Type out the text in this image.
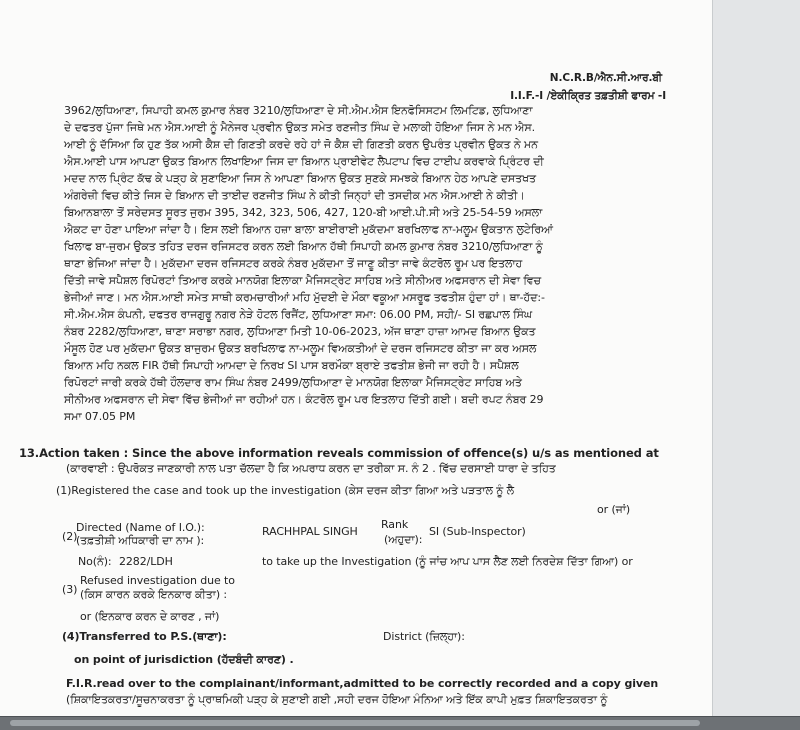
N.C.R.B/ਐਨ.ਸੀ.ਆਰ.ਬੀ
I.I.F.-I /ਏਕੀਕ੍ਰਿਤ ਤਫ਼ਤੀਸ਼ੀ ਫਾਰਮ -I
3962/ਲੁਧਿਆਣਾ, ਸਿਪਾਹੀ ਕਮਲ ਕੁਮਾਰ ਨੰਬਰ 3210/ਲੁਧਿਆਣਾ ਦੇ ਸੀ.ਐਮ.ਐਸ ਇਨਫੋਸਿਸਟਮ ਲਿਮਟਿਡ, ਲੁਧਿਆਣਾ
ਦੇ ਦਫਤਰ ਪੁੱਜਾ ਜਿਥੇ ਮਨ ਐਸ.ਆਈ ਨੂੰ ਮੈਨੇਜਰ ਪ੍ਰਵੀਨ ਉਕਤ ਸਮੇਤ ਰਣਜੀਤ ਸਿੰਘ ਦੇ ਮਲਾਕੀ ਹੋਇਆ ਜਿਸ ਨੇ ਮਨ ਐਸ.
ਆਈ ਨੂੰ ਦੱਸਿਆ ਕਿ ਹੁਣ ਤੱਕ ਅਸੀ ਕੈਸ਼ ਦੀ ਗਿਣਤੀ ਕਰਦੇ ਰਹੇ ਹਾਂ ਜੋ ਕੈਸ਼ ਦੀ ਗਿਣਤੀ ਕਰਨ ਉਪਰੰਤ ਪ੍ਰਵੀਨ ਉਕਤ ਨੇ ਮਨ
ਐਸ.ਆਈ ਪਾਸ ਆਪਣਾ ਉਕਤ ਬਿਆਨ ਲਿਖਾਇਆ ਜਿਸ ਦਾ ਬਿਆਨ ਪ੍ਰਾਈਵੇਟ ਲੈਪਟਾਪ ਵਿਚ ਟਾਈਪ ਕਰਵਾਕੇ ਪ੍ਰਿੰਟਰ ਦੀ
ਮਦਦ ਨਾਲ ਪ੍ਰਿੰਟ ਕੱਢ ਕੇ ਪੜ੍ਹ ਕੇ ਸੁਣਾਇਆ ਜਿਸ ਨੇ ਆਪਣਾ ਬਿਆਨ ਉਕਤ ਸੁਣਕੇ ਸਮਝਕੇ ਬਿਆਨ ਹੇਠ ਆਪਣੇ ਦਸਤਖਤ
ਅੰਗਰੇਜ਼ੀ ਵਿਚ ਕੀਤੇ ਜਿਸ ਦੇ ਬਿਆਨ ਦੀ ਤਾਈਦ ਰਣਜੀਤ ਸਿੰਘ ਨੇ ਕੀਤੀ ਜਿਨ੍ਹਾਂ ਦੀ ਤਸਦੀਕ ਮਨ ਐਸ.ਆਈ ਨੇ ਕੀਤੀ।
ਬਿਆਨਬਾਲਾ ਤੋਂ ਸਰੇਦਸਤ ਸੂਰਤ ਜੁਰਮ 395, 342, 323, 506, 427, 120-ਬੀ ਆਈ.ਪੀ.ਸੀ ਅਤੇ 25-54-59 ਅਸਲਾ
ਐਕਟ ਦਾ ਹੋਣਾ ਪਾਇਆ ਜਾਂਦਾ ਹੈ। ਇਸ ਲਈ ਬਿਆਨ ਹਜ਼ਾ ਬਾਲਾ ਬਾਈਰਾਈ ਮੁਕੱਦਮਾ ਬਰਖਿਲਾਫ ਨਾ-ਮਲੂਮ ਉਕਤਾਨ ਲੁਟੇਰਿਆਂ
ਖਿਲਾਫ ਬਾ-ਜੁਰਮ ਉਕਤ ਤਹਿਤ ਦਰਜ ਰਜਿਸਟਰ ਕਰਨ ਲਈ ਬਿਆਨ ਹੱਥੀ ਸਿਪਾਹੀ ਕਮਲ ਕੁਮਾਰ ਨੰਬਰ 3210/ਲੁਧਿਆਣਾ ਨੂੰ
ਥਾਣਾ ਭੇਜਿਆ ਜਾਂਦਾ ਹੈ। ਮੁਕੱਦਮਾ ਦਰਜ ਰਜਿਸਟਰ ਕਰਕੇ ਨੰਬਰ ਮੁਕੱਦਮਾ ਤੋਂ ਜਾਣੂ ਕੀਤਾ ਜਾਵੇ ਕੰਟਰੋਲ ਰੂਮ ਪਰ ਇਤਲਾਹ
ਦਿੱਤੀ ਜਾਵੇ ਸਪੈਸ਼ਲ ਰਿਪੋਰਟਾਂ ਤਿਆਰ ਕਰਕੇ ਮਾਨਯੋਗ ਇਲਾਕਾ ਮੈਜਿਸਟ੍ਰੇਟ ਸਾਹਿਬ ਅਤੇ ਸੀਨੀਅਰ ਅਫਸਰਾਨ ਦੀ ਸੇਵਾ ਵਿਚ
ਭੇਜੀਆਂ ਜਾਣ। ਮਨ ਐਸ.ਆਈ ਸਮੇਤ ਸਾਥੀ ਕਰਮਚਾਰੀਆਂ ਮਹਿ ਮੁੱਦਈ ਦੇ ਮੌਕਾ ਵਕੂਆ ਮਸਰੂਫ ਤਫਤੀਸ਼ ਹੁੰਦਾ ਹਾਂ। ਥਾ-ਹੱਦ:-
ਸੀ.ਐਮ.ਐਸ ਕੰਪਨੀ, ਦਫਤਰ ਰਾਜਗੁਰੂ ਨਗਰ ਨੇੜੇ ਹੋਟਲ ਰਿਜੈਂਟ, ਲੁਧਿਆਣਾ ਸਮਾ: 06.00 PM, ਸਹੀ/- SI ਰਛਪਾਲ ਸਿੰਘ
ਨੰਬਰ 2282/ਲੁਧਿਆਣਾ, ਥਾਣਾ ਸਰਾਭਾ ਨਗਰ, ਲੁਧਿਆਣਾ ਮਿਤੀ 10-06-2023, ਅੱਜ ਥਾਣਾ ਹਾਜ਼ਾ ਆਮਦ ਬਿਆਨ ਉਕਤ
ਮੌਸੂਲ ਹੋਣ ਪਰ ਮੁਕੱਦਮਾ ਉਕਤ ਬਾਜੁਰਮ ਉਕਤ ਬਰਖਿਲਾਫ ਨਾ-ਮਲੂਮ ਵਿਅਕਤੀਆਂ ਦੇ ਦਰਜ ਰਜਿਸਟਰ ਕੀਤਾ ਜਾ ਕਰ ਅਸਲ
ਬਿਆਨ ਮਹਿ ਨਕਲ FIR ਹੱਥੀ ਸਿਪਾਹੀ ਆਮਦਾ ਦੇ ਨਿਰਖ SI ਪਾਸ ਬਰਮੌਕਾ ਬ੍ਰਾਏ ਤਫਤੀਸ਼ ਭੇਜੀ ਜਾ ਰਹੀ ਹੈ। ਸਪੈਸ਼ਲ
ਰਿਪੋਰਟਾਂ ਜਾਰੀ ਕਰਕੇ ਹੱਥੀ ਹੌਲਦਾਰ ਰਾਮ ਸਿੰਘ ਨੰਬਰ 2499/ਲੁਧਿਆਣਾ ਦੇ ਮਾਨਯੋਗ ਇਲਾਕਾ ਮੈਜਿਸਟ੍ਰੇਟ ਸਾਹਿਬ ਅਤੇ
ਸੀਨੀਅਰ ਅਫਸਰਾਨ ਦੀ ਸੇਵਾ ਵਿੱਚ ਭੇਜੀਆਂ ਜਾ ਰਹੀਆਂ ਹਨ। ਕੰਟਰੋਲ ਰੂਮ ਪਰ ਇਤਲਾਹ ਦਿੱਤੀ ਗਈ। ਬਦੀ ਰਪਟ ਨੰਬਰ 29
ਸਮਾ 07.05 PM
13.Action taken : Since the above information reveals commission of offence(s) u/s as mentioned at
(ਕਾਰਵਾਈ : ਉਪਰੋਕਤ ਜਾਣਕਾਰੀ ਨਾਲ ਪਤਾ ਚੱਲਦਾ ਹੈ ਕਿ ਅਪਰਾਧ ਕਰਨ ਦਾ ਤਰੀਕਾ ਸ. ਨੰ 2 . ਵਿੱਚ ਦਰਸਾਈ ਧਾਰਾ ਦੇ ਤਹਿਤ
(1)Registered the case and took up the investigation (ਕੇਸ ਦਰਜ ਕੀਤਾ ਗਿਆ ਅਤੇ ਪੜਤਾਲ ਨੂੰ ਲੈ
or (ਜਾਂ)
(2)
Directed (Name of I.O.):
(ਤਫ਼ਤੀਸ਼ੀ ਅਧਿਕਾਰੀ ਦਾ ਨਾਮ ):
RACHHPAL SINGH
Rank
(ਅਹੁਦਾ):
SI (Sub-Inspector)
No(ਨੰ): 2282/LDH	to take up the Investigation (ਨੂੰ ਜਾਂਚ ਆਪ ਪਾਸ ਲੈਣ ਲਈ ਨਿਰਦੇਸ਼ ਦਿੱਤਾ ਗਿਆ) or
(3)
Refused investigation due to
(ਕਿਸ ਕਾਰਨ ਕਰਕੇ ਇਨਕਾਰ ਕੀਤਾ) :
or (ਇਨਕਾਰ ਕਰਨ ਦੇ ਕਾਰਣ , ਜਾਂ)
(4)Transferred to P.S.(ਥਾਣਾ):	District (ਜ਼ਿਲ੍ਹਾ):
on point of jurisdiction (ਹੱਦਬੰਦੀ ਕਾਰਣ) .
F.I.R.read over to the complainant/informant,admitted to be correctly recorded and a copy given
(ਸ਼ਿਕਾਇਤਕਰਤਾ/ਸੂਚਨਾਕਰਤਾ ਨੂੰ ਪ੍ਰਾਥਮਿਕੀ ਪੜ੍ਹ ਕੇ ਸੁਣਾਈ ਗਈ ,ਸਹੀ ਦਰਜ ਹੋਇਆ ਮੰਨਿਆ ਅਤੇ ਇੱਕ ਕਾਪੀ ਮੁਫ਼ਤ ਸ਼ਿਕਾਇਤਕਰਤਾ ਨੂੰ
